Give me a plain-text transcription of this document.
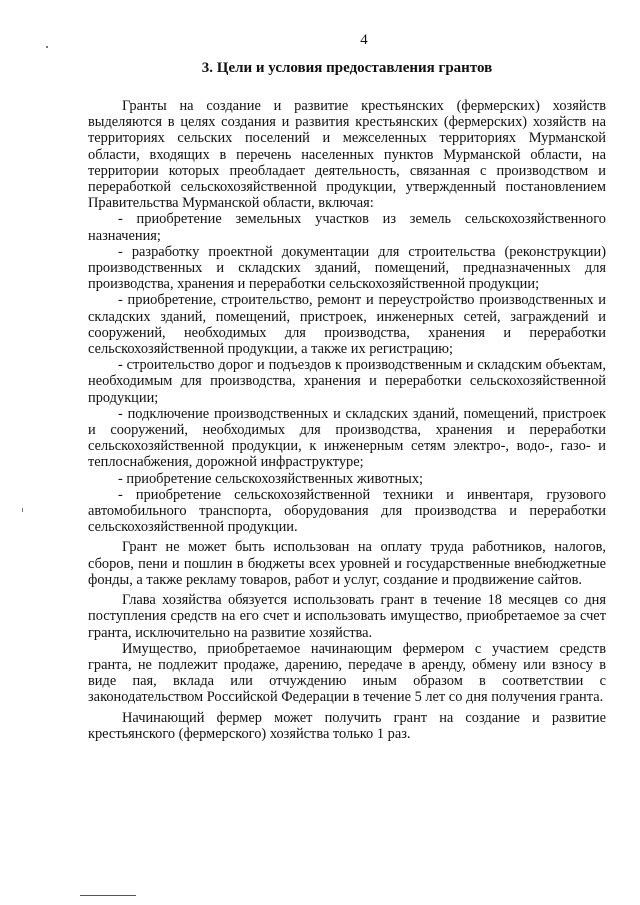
4

3. Цели и условия предоставления грантов

Гранты на создание и развитие крестьянских (фермерских) хозяйств выделяются в целях создания и развития крестьянских (фермерских) хозяйств на территориях сельских поселений и межселенных территориях Мурманской области, входящих в перечень населенных пунктов Мурманской области, на территории которых преобладает деятельность, связанная с производством и переработкой сельскохозяйственной продукции, утвержденный постановлением Правительства Мурманской области, включая:

- приобретение земельных участков из земель сельскохозяйственного назначения;

- разработку проектной документации для строительства (реконструкции) производственных и складских зданий, помещений, предназначенных для производства, хранения и переработки сельскохозяйственной продукции;

- приобретение, строительство, ремонт и переустройство производственных и складских зданий, помещений, пристроек, инженерных сетей, заграждений и сооружений, необходимых для производства, хранения и переработки сельскохозяйственной продукции, а также их регистрацию;

- строительство дорог и подъездов к производственным и складским объектам, необходимым для производства, хранения и переработки сельскохозяйственной продукции;

- подключение производственных и складских зданий, помещений, пристроек и сооружений, необходимых для производства, хранения и переработки сельскохозяйственной продукции, к инженерным сетям электро-, водо-, газо- и теплоснабжения, дорожной инфраструктуре;

- приобретение сельскохозяйственных животных;

- приобретение сельскохозяйственной техники и инвентаря, грузового автомобильного транспорта, оборудования для производства и переработки сельскохозяйственной продукции.

Грант не может быть использован на оплату труда работников, налогов, сборов, пени и пошлин в бюджеты всех уровней и государственные внебюджетные фонды, а также рекламу товаров, работ и услуг, создание и продвижение сайтов.

Глава хозяйства обязуется использовать грант в течение 18 месяцев со дня поступления средств на его счет и использовать имущество, приобретаемое за счет гранта, исключительно на развитие хозяйства.

Имущество, приобретаемое начинающим фермером с участием средств гранта, не подлежит продаже, дарению, передаче в аренду, обмену или взносу в виде пая, вклада или отчуждению иным образом в соответствии с законодательством Российской Федерации в течение 5 лет со дня получения гранта.

Начинающий фермер может получить грант на создание и развитие крестьянского (фермерского) хозяйства только 1 раз.
